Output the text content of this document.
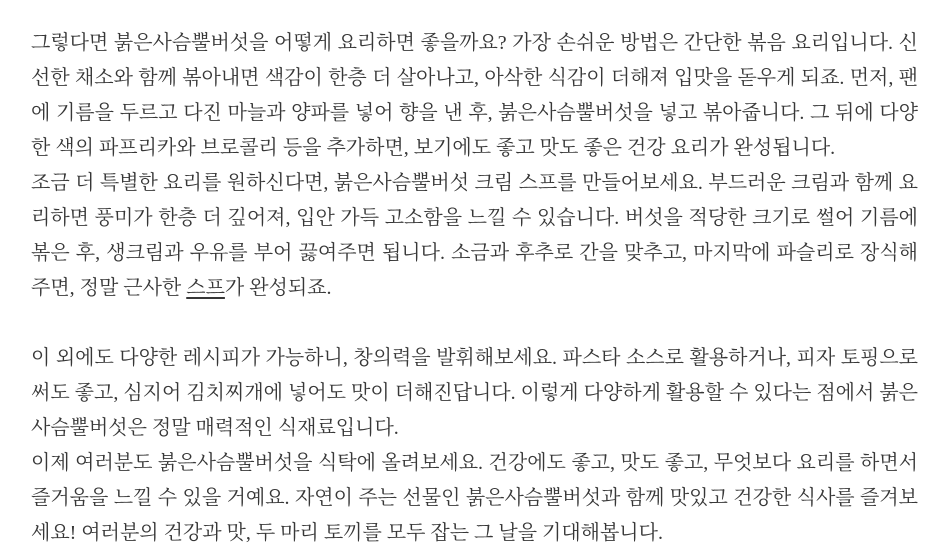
그렇다면 붉은사슴뿔버섯을 어떻게 요리하면 좋을까요? 가장 손쉬운 방법은 간단한 볶음 요리입니다. 신선한 채소와 함께 볶아내면 색감이 한층 더 살아나고, 아삭한 식감이 더해져 입맛을 돋우게 되죠. 먼저, 팬에 기름을 두르고 다진 마늘과 양파를 넣어 향을 낸 후, 붉은사슴뿔버섯을 넣고 볶아줍니다. 그 뒤에 다양한 색의 파프리카와 브로콜리 등을 추가하면, 보기에도 좋고 맛도 좋은 건강 요리가 완성됩니다.

조금 더 특별한 요리를 원하신다면, 붉은사슴뿔버섯 크림 스프를 만들어보세요. 부드러운 크림과 함께 요리하면 풍미가 한층 더 깊어져, 입안 가득 고소함을 느낄 수 있습니다. 버섯을 적당한 크기로 썰어 기름에 볶은 후, 생크림과 우유를 부어 끓여주면 됩니다. 소금과 후추로 간을 맞추고, 마지막에 파슬리로 장식해주면, 정말 근사한 스프가 완성되죠.

이 외에도 다양한 레시피가 가능하니, 창의력을 발휘해보세요. 파스타 소스로 활용하거나, 피자 토핑으로 써도 좋고, 심지어 김치찌개에 넣어도 맛이 더해진답니다. 이렇게 다양하게 활용할 수 있다는 점에서 붉은사슴뿔버섯은 정말 매력적인 식재료입니다.

이제 여러분도 붉은사슴뿔버섯을 식탁에 올려보세요. 건강에도 좋고, 맛도 좋고, 무엇보다 요리를 하면서 즐거움을 느낄 수 있을 거예요. 자연이 주는 선물인 붉은사슴뿔버섯과 함께 맛있고 건강한 식사를 즐겨보세요! 여러분의 건강과 맛, 두 마리 토끼를 모두 잡는 그 날을 기대해봅니다.
